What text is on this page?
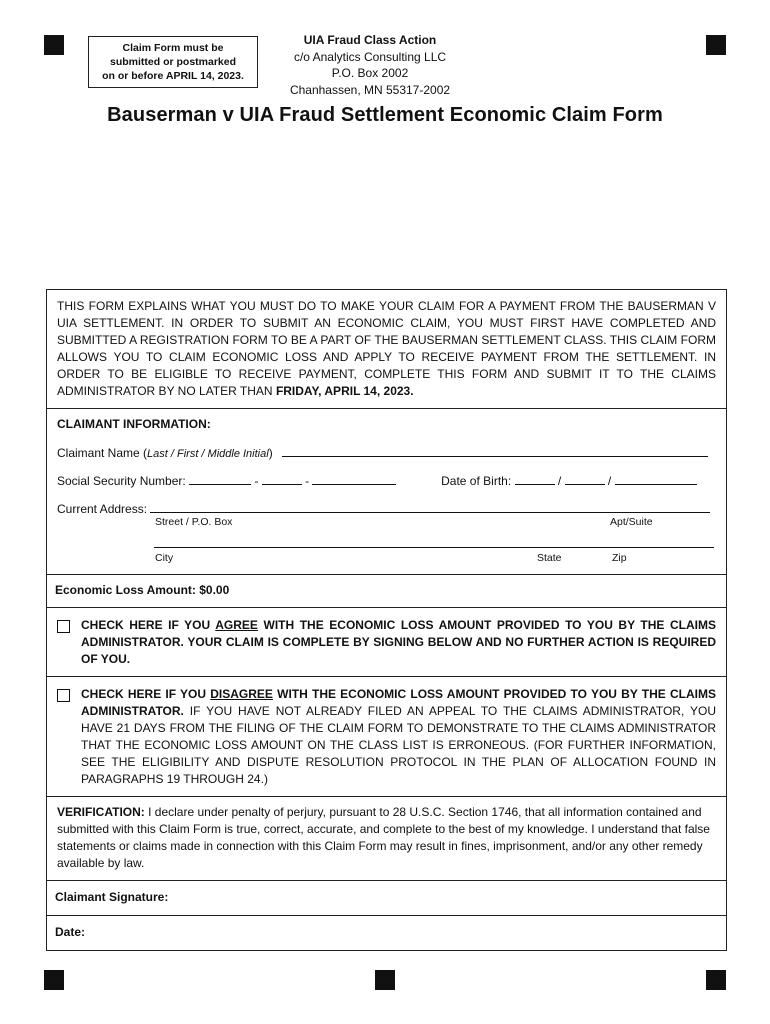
Claim Form must be
submitted or postmarked
on or before APRIL 14, 2023.
UIA Fraud Class Action
c/o Analytics Consulting LLC
P.O. Box 2002
Chanhassen, MN 55317-2002
Bauserman v UIA Fraud Settlement Economic Claim Form
THIS FORM EXPLAINS WHAT YOU MUST DO TO MAKE YOUR CLAIM FOR A PAYMENT FROM THE BAUSERMAN V UIA SETTLEMENT. IN ORDER TO SUBMIT AN ECONOMIC CLAIM, YOU MUST FIRST HAVE COMPLETED AND SUBMITTED A REGISTRATION FORM TO BE A PART OF THE BAUSERMAN SETTLEMENT CLASS. THIS CLAIM FORM ALLOWS YOU TO CLAIM ECONOMIC LOSS AND APPLY TO RECEIVE PAYMENT FROM THE SETTLEMENT. IN ORDER TO BE ELIGIBLE TO RECEIVE PAYMENT, COMPLETE THIS FORM AND SUBMIT IT TO THE CLAIMS ADMINISTRATOR BY NO LATER THAN FRIDAY, APRIL 14, 2023.
CLAIMANT INFORMATION:
Claimant Name (Last / First / Middle Initial)
Social Security Number:	-	-	Date of Birth:	/	/
Current Address:
Street / P.O. Box	Apt/Suite
City	State	Zip
Economic Loss Amount: $0.00
CHECK HERE IF YOU AGREE WITH THE ECONOMIC LOSS AMOUNT PROVIDED TO YOU BY THE CLAIMS ADMINISTRATOR. YOUR CLAIM IS COMPLETE BY SIGNING BELOW AND NO FURTHER ACTION IS REQUIRED OF YOU.
CHECK HERE IF YOU DISAGREE WITH THE ECONOMIC LOSS AMOUNT PROVIDED TO YOU BY THE CLAIMS ADMINISTRATOR. IF YOU HAVE NOT ALREADY FILED AN APPEAL TO THE CLAIMS ADMINISTRATOR, YOU HAVE 21 DAYS FROM THE FILING OF THE CLAIM FORM TO DEMONSTRATE TO THE CLAIMS ADMINISTRATOR THAT THE ECONOMIC LOSS AMOUNT ON THE CLASS LIST IS ERRONEOUS. (FOR FURTHER INFORMATION, SEE THE ELIGIBILITY AND DISPUTE RESOLUTION PROTOCOL IN THE PLAN OF ALLOCATION FOUND IN PARAGRAPHS 19 THROUGH 24.)
VERIFICATION: I declare under penalty of perjury, pursuant to 28 U.S.C. Section 1746, that all information contained and submitted with this Claim Form is true, correct, accurate, and complete to the best of my knowledge. I understand that false statements or claims made in connection with this Claim Form may result in fines, imprisonment, and/or any other remedy available by law.
Claimant Signature:
Date:
